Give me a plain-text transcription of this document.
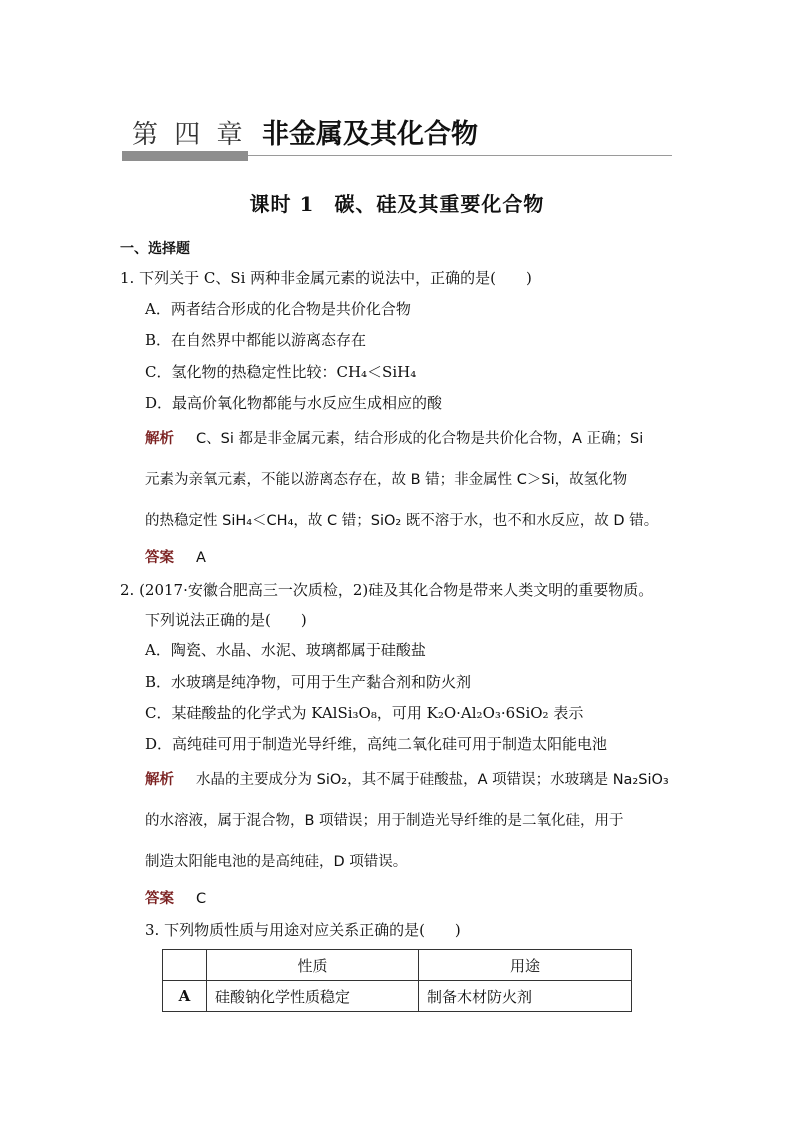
第 四 章 非金属及其化合物
课时 1 碳、硅及其重要化合物
一、选择题
1. 下列关于 C、Si 两种非金属元素的说法中，正确的是(　　)
A．两者结合形成的化合物是共价化合物
B．在自然界中都能以游离态存在
C．氢化物的热稳定性比较：CH₄＜SiH₄
D．最高价氧化物都能与水反应生成相应的酸
解析 C、Si 都是非金属元素，结合形成的化合物是共价化合物，A 正确；Si
元素为亲氧元素，不能以游离态存在，故 B 错；非金属性 C＞Si，故氢化物
的热稳定性 SiH₄＜CH₄，故 C 错；SiO₂ 既不溶于水，也不和水反应，故 D 错。
答案 A
2. (2017·安徽合肥高三一次质检，2)硅及其化合物是带来人类文明的重要物质。
下列说法正确的是(　　)
A．陶瓷、水晶、水泥、玻璃都属于硅酸盐
B．水玻璃是纯净物，可用于生产黏合剂和防火剂
C．某硅酸盐的化学式为 KAlSi₃O₈，可用 K₂O·Al₂O₃·6SiO₂ 表示
D．高纯硅可用于制造光导纤维，高纯二氧化硅可用于制造太阳能电池
解析 水晶的主要成分为 SiO₂，其不属于硅酸盐，A 项错误；水玻璃是 Na₂SiO₃
的水溶液，属于混合物，B 项错误；用于制造光导纤维的是二氧化硅，用于
制造太阳能电池的是高纯硅，D 项错误。
答案 C
3. 下列物质性质与用途对应关系正确的是(　　)
	性质	用途
A	硅酸钠化学性质稳定	制备木材防火剂
